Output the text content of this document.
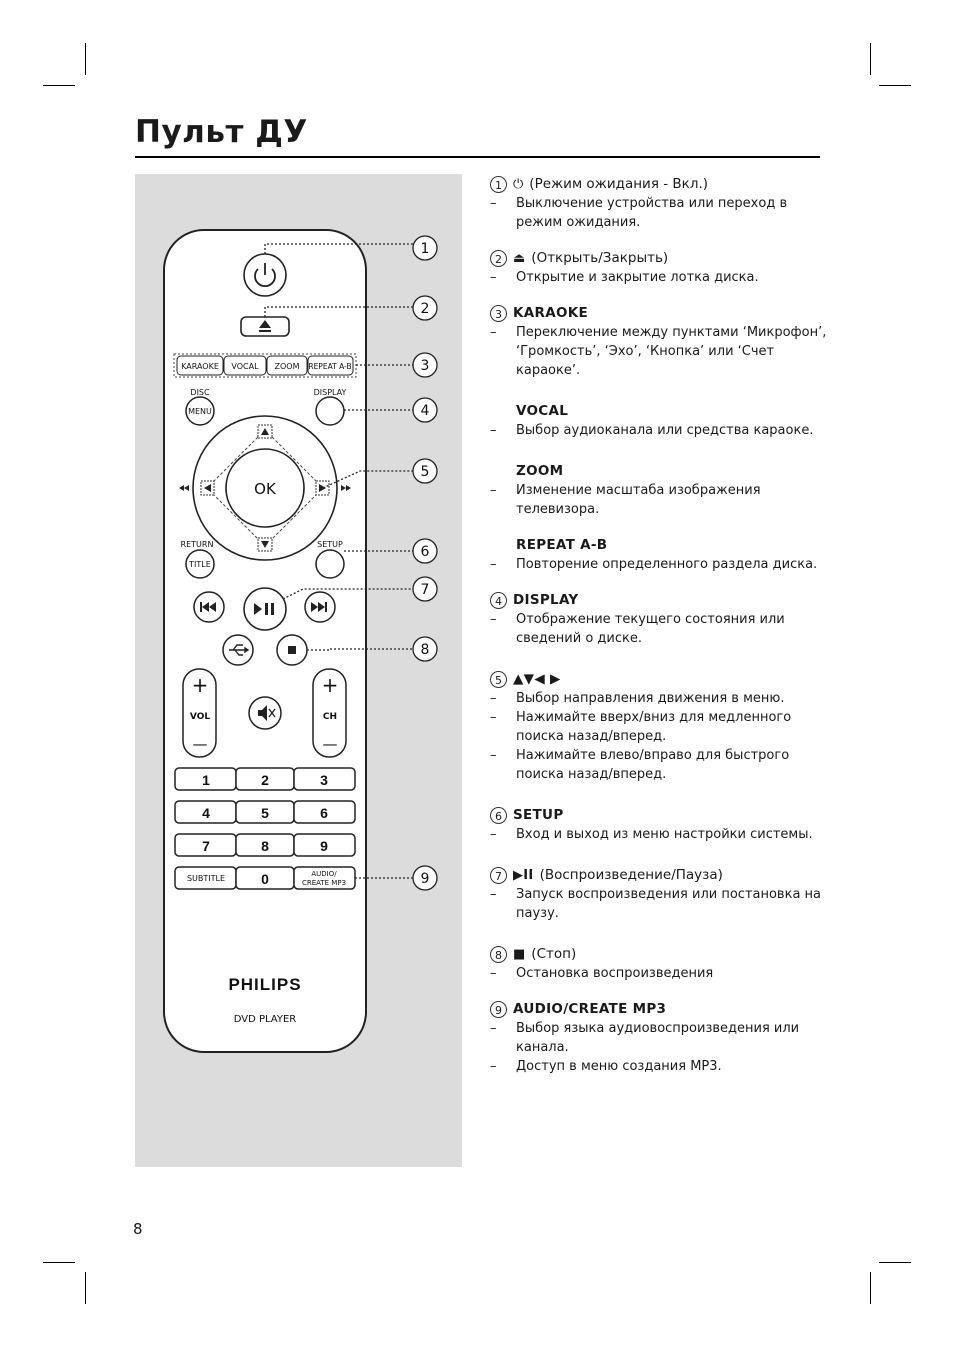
Пульт ДУ
KARAOKE VOCAL ZOOM REPEAT A-B
DISC
MENU
DISPLAY
OK
RETURN
TITLE
SETUP
+
VOL
—
+
CH
—
1	2	3
4	5	6
7	8	9
SUBTITLE	0	AUDIO/
CREATE MP3
PHILIPS
DVD PLAYER
1
2
3
4
5
6
7
8
9
1 ⏻ (Режим ожидания - Вкл.)
–	Выключение устройства или переход в режим ожидания.
2 ⏏ (Открыть/Закрыть)
–	Открытие и закрытие лотка диска.
3 KARAOKE
–	Переключение между пунктами ‘Микрофон’, ‘Громкость’, ‘Эхо’, ‘Кнопка’ или ‘Счет караоке’.
VOCAL
–	Выбор аудиоканала или средства караоке.
ZOOM
–	Изменение масштаба изображения телевизора.
REPEAT A-B
–	Повторение определенного раздела диска.
4 DISPLAY
–	Отображение текущего состояния или сведений о диске.
5 ▲▼◀ ▶
–	Выбор направления движения в меню.
–	Нажимайте вверх/вниз для медленного поиска назад/вперед.
–	Нажимайте влево/вправо для быстрого поиска назад/вперед.
6 SETUP
–	Вход и выход из меню настройки системы.
7 ▶II (Воспроизведение/Пауза)
–	Запуск воспроизведения или постановка на паузу.
8 ■ (Стоп)
–	Остановка воспроизведения
9 AUDIO/CREATE MP3
–	Выбор языка аудиовоспроизведения или канала.
–	Доступ в меню создания MP3.
8
